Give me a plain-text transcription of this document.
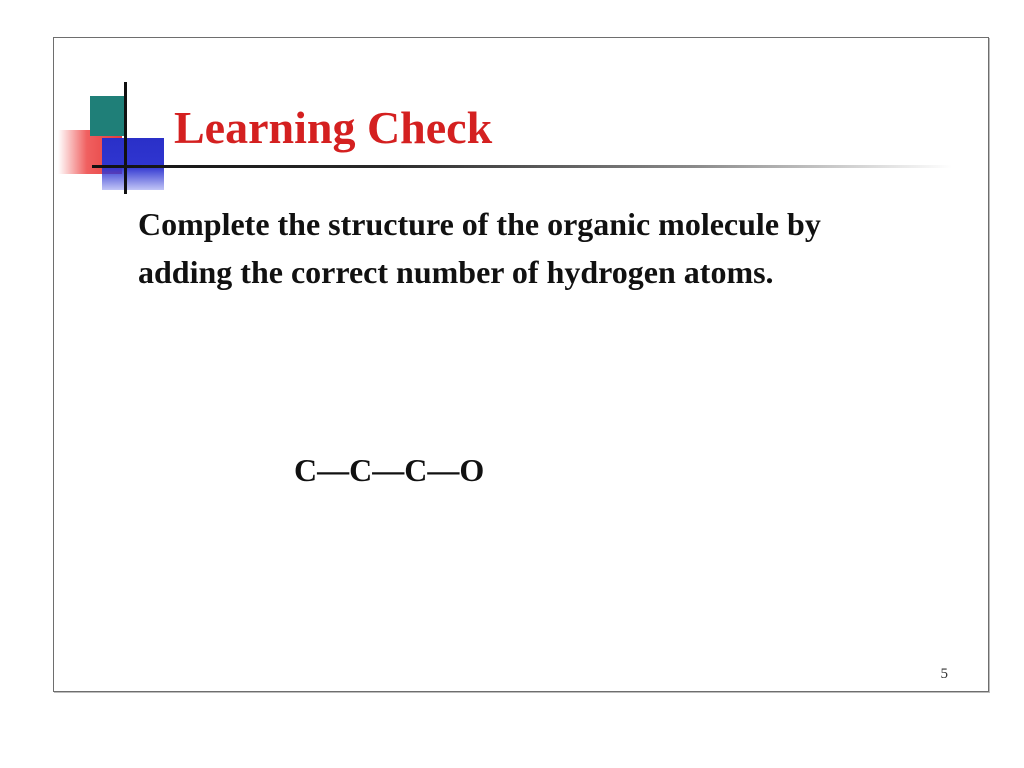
Learning Check

Complete the structure of the organic molecule by adding the correct number of hydrogen atoms.

C—C—C—O
5
